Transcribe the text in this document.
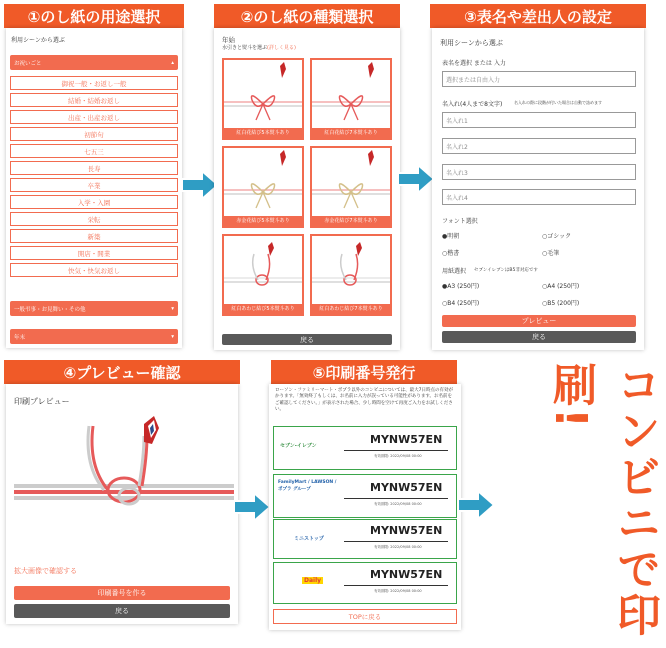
①のし紙の用途選択
利用シーンから選ぶ
お祝いごと	▴
御祝一般・お返し一般
結婚・結婚お返し
出産・出産お返し
初節句
七五三
長寿
卒業
入学・入園
栄転
新築
開店・開業
快気・快気お返し
一般弔事・お見舞い・その他	▾
年末	▾
②のし紙の種類選択
年始
水引きと熨斗を選ぶ(詳しく見る)
紅白花結び5本熨斗あり	紅白花結び7本熨斗あり
赤金花結び5本熨斗あり	赤金花結び7本熨斗あり
紅白あわじ結び5本熨斗あり	紅白あわじ結び7本熨斗あり
戻る
③表名や差出人の設定
利用シーンから選ぶ
表名を選択 または 入力
選択または自由入力
名入れ(4人まで8文字)	名入れの際に段階が付いた場合は自動で詰めます
名入れ1
名入れ2
名入れ3
名入れ4
フォント選択
●明朝	○ゴシック
○楷書	○毛筆
用紙選択 セブンイレブンはB5非対応です
●A3 (250円)	○A4 (250円)
○B4 (250円)	○B5 (200円)
プレビュー
戻る
④プレビュー確認
印刷プレビュー
拡大画像で確認する
印刷番号を作る
戻る
⑤印刷番号発行
ローソン・ファミリーマート・ポプラ以外のコンビニについては、最大7日時点の有効がかります。「無効終了もしくは、お名前に入力が誤っている可能性があります。お名前をご確認してください。」が表示された場合、少し時間を空けて再度ご入力をお試しください。
セブン-イレブン	MYNW57EN
有効期限: 2022/09/08 00:00
FamilyMart / LAWSON / ポプラ グループ	MYNW57EN
有効期限: 2022/09/08 00:00
ミニストップ
MYNW57EN
有効期限: 2022/09/08 00:00
Daily	MYNW57EN
有効期限: 2022/09/08 00:00
TOPに戻る	コンビニで印刷!
